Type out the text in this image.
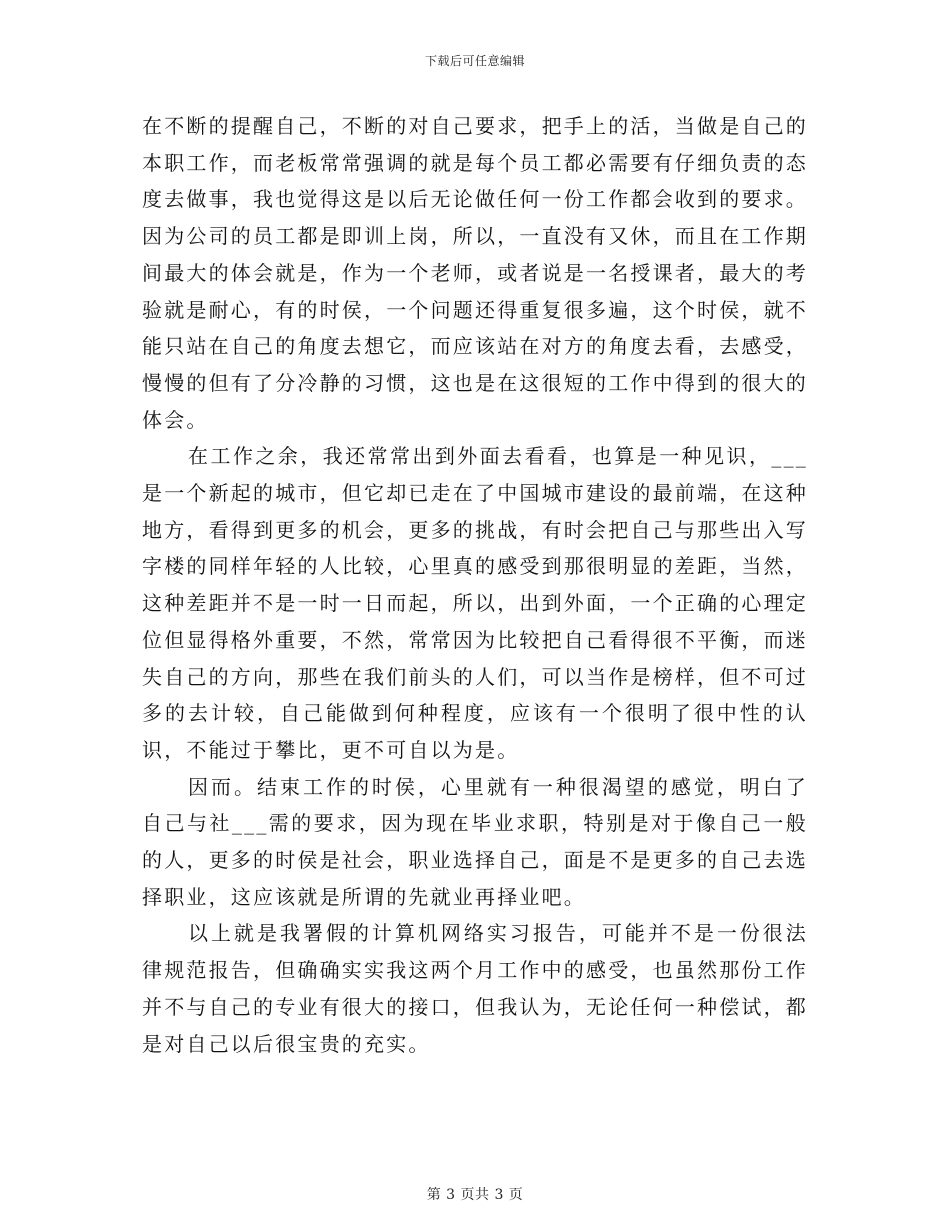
下载后可任意编辑

在不断的提醒自己，不断的对自己要求，把手上的活，当做是自己的本职工作，而老板常常强调的就是每个员工都必需要有仔细负责的态度去做事，我也觉得这是以后无论做任何一份工作都会收到的要求。因为公司的员工都是即训上岗，所以，一直没有又休，而且在工作期间最大的体会就是，作为一个老师，或者说是一名授课者，最大的考验就是耐心，有的时侯，一个问题还得重复很多遍，这个时侯，就不能只站在自己的角度去想它，而应该站在对方的角度去看，去感受，慢慢的但有了分冷静的习惯，这也是在这很短的工作中得到的很大的体会。

在工作之余，我还常常出到外面去看看，也算是一种见识，___是一个新起的城市，但它却已走在了中国城市建设的最前端，在这种地方，看得到更多的机会，更多的挑战，有时会把自己与那些出入写字楼的同样年轻的人比较，心里真的感受到那很明显的差距，当然，这种差距并不是一时一日而起，所以，出到外面，一个正确的心理定位但显得格外重要，不然，常常因为比较把自己看得很不平衡，而迷失自己的方向，那些在我们前头的人们，可以当作是榜样，但不可过多的去计较，自己能做到何种程度，应该有一个很明了很中性的认识，不能过于攀比，更不可自以为是。

因而。结束工作的时侯，心里就有一种很渴望的感觉，明白了自己与社___需的要求，因为现在毕业求职，特别是对于像自己一般的人，更多的时侯是社会，职业选择自己，面是不是更多的自己去选择职业，这应该就是所谓的先就业再择业吧。

以上就是我署假的计算机网络实习报告，可能并不是一份很法律规范报告，但确确实实我这两个月工作中的感受，也虽然那份工作并不与自己的专业有很大的接口，但我认为，无论任何一种偿试，都是对自己以后很宝贵的充实。

第 3 页共 3 页
